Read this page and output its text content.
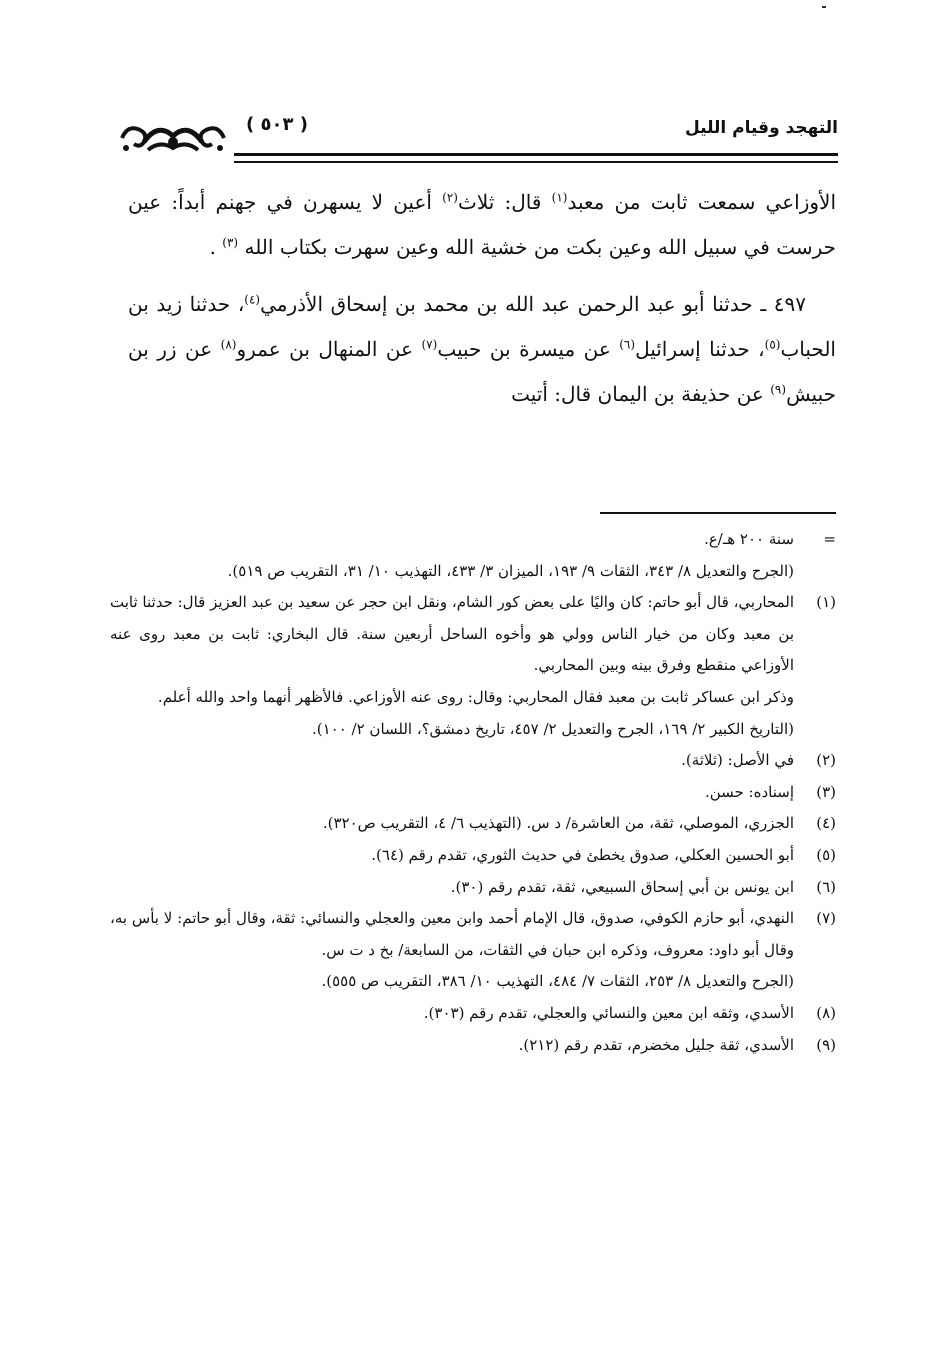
( ٥٠٣ )	التهجد وقيام الليل

الأوزاعي سمعت ثابت من معبد$^{(١)}$ قال: ثلاث$^{(٢)}$ أعين لا يسهرن في جهنم أبداً: عين حرست في سبيل الله وعين بكت من خشية الله وعين سهرت بكتاب الله $^{(٣)}$ .

٤٩٧ ـ حدثنا أبو عبد الرحمن عبد الله بن محمد بن إسحاق الأذرمي$^{(٤)}$، حدثنا زيد بن الحباب$^{(٥)}$، حدثنا إسرائيل$^{(٦)}$ عن ميسرة بن حبيب$^{(٧)}$ عن المنهال بن عمرو$^{(٨)}$ عن زر بن حبيش$^{(٩)}$ عن حذيفة بن اليمان قال: أتيت

=
سنة ٢٠٠ هـ/ع.
(الجرح والتعديل ٨/ ٣٤٣، الثقات ٩/ ١٩٣، الميزان ٣/ ٤٣٣، التهذيب ١٠/ ٣١، التقريب ص ٥١٩).
(١)
المحاربي، قال أبو حاتم: كان واليًا على بعض كور الشام، ونقل ابن حجر عن سعيد بن عبد العزيز قال: حدثنا ثابت بن معبد وكان من خيار الناس وولي هو وأخوه الساحل أربعين سنة. قال البخاري: ثابت بن معبد روى عنه الأوزاعي منقطع وفرق بينه وبين المحاربي.
وذكر ابن عساكر ثابت بن معبد فقال المحاربي: وقال: روى عنه الأوزاعي. فالأظهر أنهما واحد والله أعلم.
(التاريخ الكبير ٢/ ١٦٩، الجرح والتعديل ٢/ ٤٥٧، تاريخ دمشق؟، اللسان ٢/ ١٠٠).
(٢)
في الأصل: (ثلاثة).
(٣)
إسناده: حسن.
(٤)
الجزري، الموصلي، ثقة، من العاشرة/ د س. (التهذيب ٦/ ٤، التقريب ص٣٢٠).
(٥)
أبو الحسين العكلي، صدوق يخطئ في حديث الثوري، تقدم رقم (٦٤).
(٦)
ابن يونس بن أبي إسحاق السبيعي، ثقة، تقدم رقم (٣٠).
(٧)
النهدي، أبو حازم الكوفي، صدوق، قال الإمام أحمد وابن معين والعجلي والنسائي: ثقة، وقال أبو حاتم: لا بأس به، وقال أبو داود: معروف، وذكره ابن حبان في الثقات، من السابعة/ بخ د ت س.
(الجرح والتعديل ٨/ ٢٥٣، الثقات ٧/ ٤٨٤، التهذيب ١٠/ ٣٨٦، التقريب ص ٥٥٥).
(٨)
الأسدي، وثقه ابن معين والنسائي والعجلي، تقدم رقم (٣٠٣).
(٩)
الأسدي، ثقة جليل مخضرم، تقدم رقم (٢١٢).
